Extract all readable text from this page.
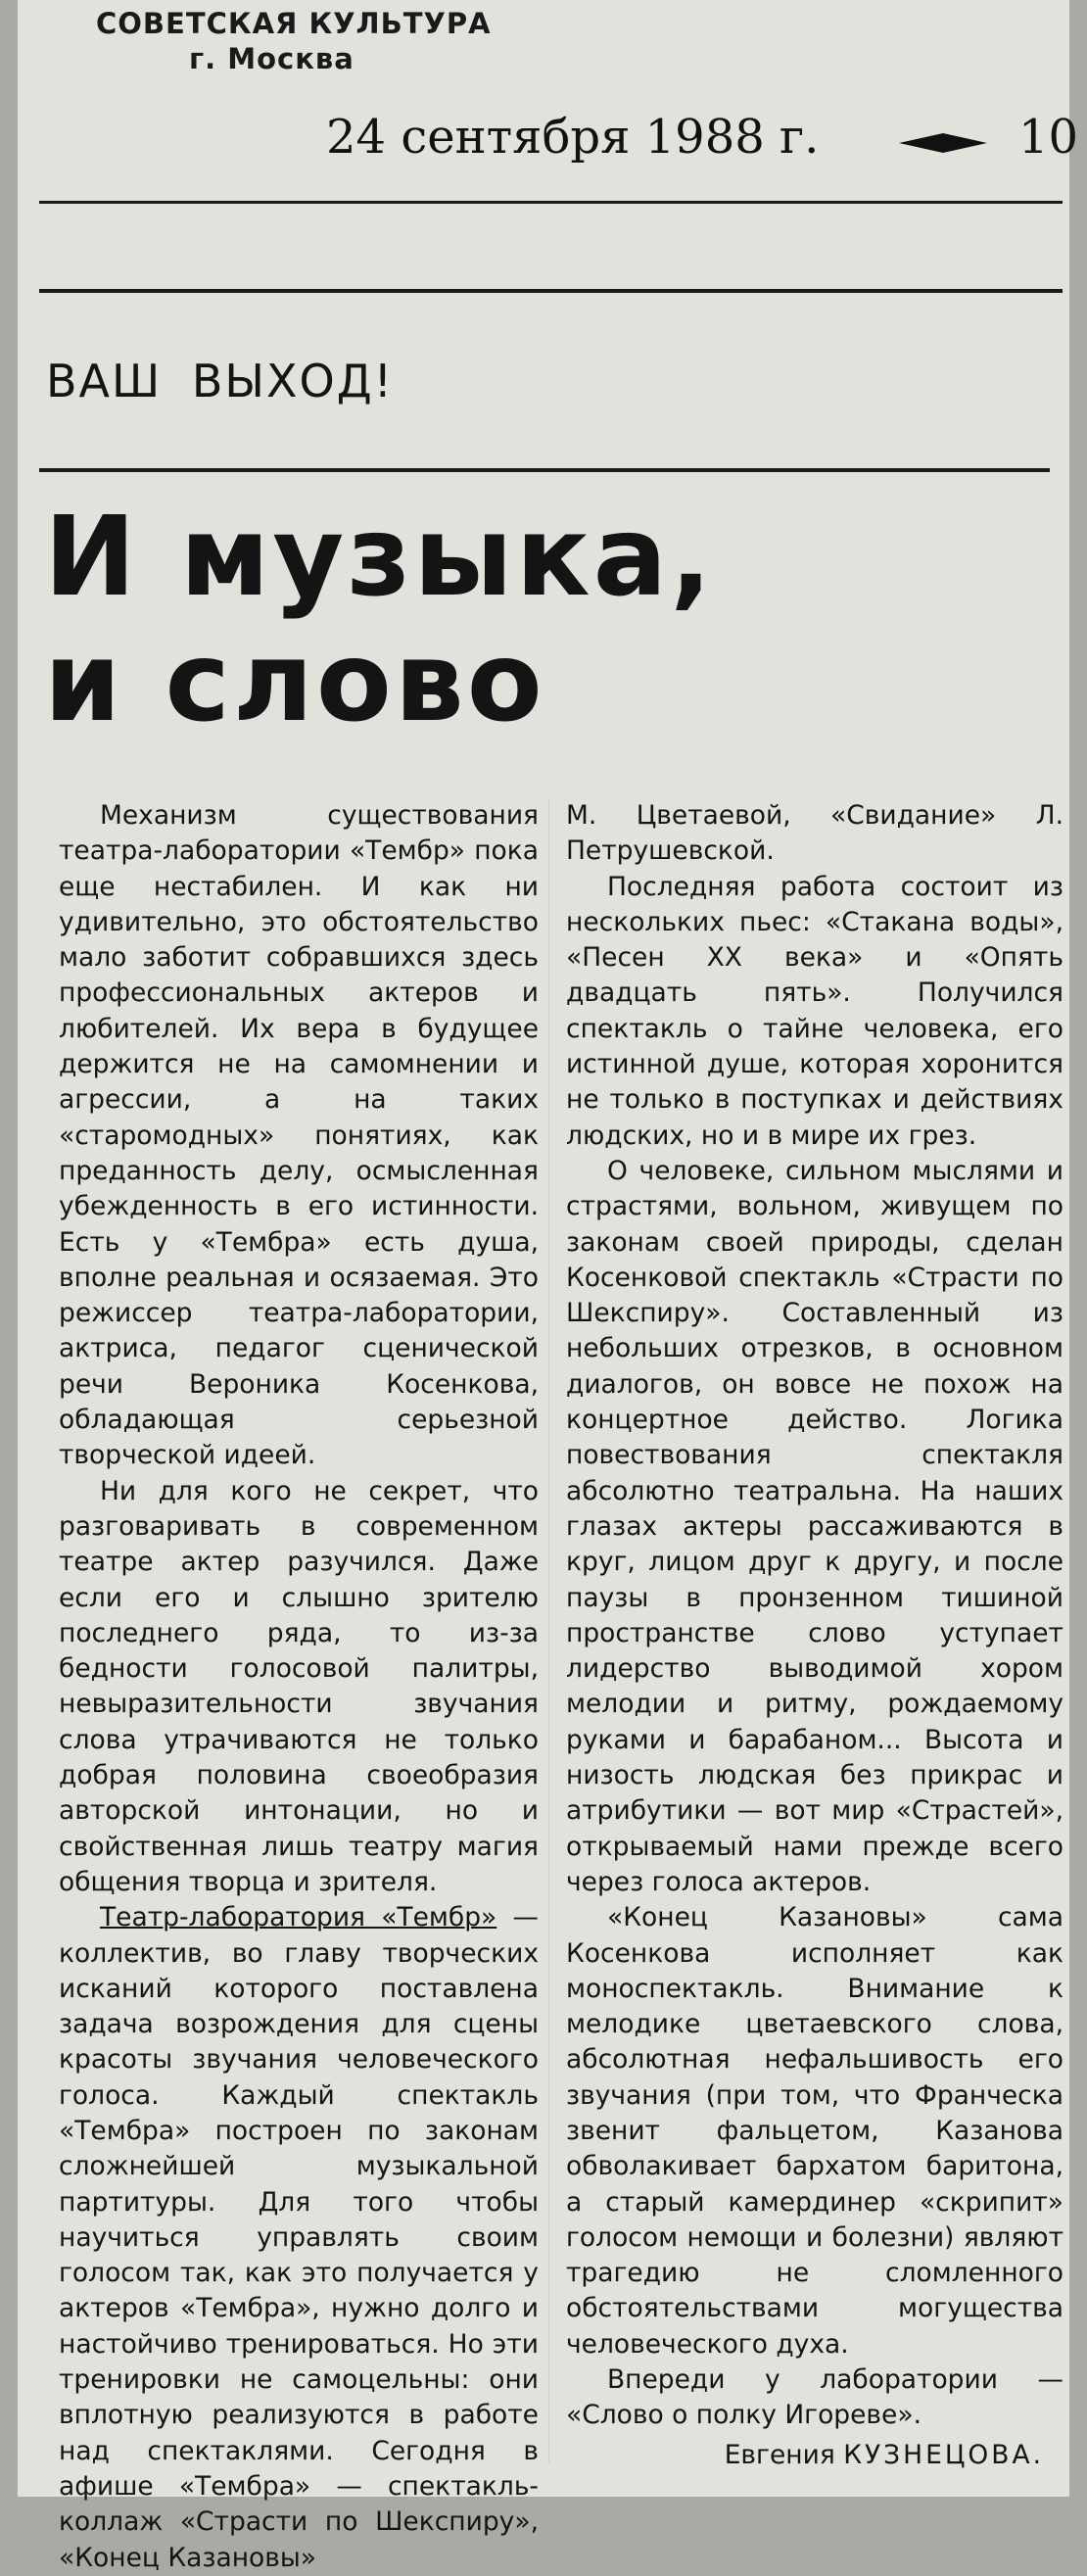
СОВЕТСКАЯ КУЛЬТУРА
г. Москва
24 сентября 1988 г.	10
ВАШ ВЫХОД!
И музыка,
и слово

Механизм существования театра-лаборатории «Тембр» пока еще нестабилен. И как ни удивительно, это обстоятельство мало заботит собравшихся здесь профессиональных актеров и любителей. Их вера в будущее держится не на самомнении и агрессии, а на таких «старомодных» понятиях, как преданность делу, осмысленная убежденность в его истинности. Есть у «Тембра» есть душа, вполне реальная и осязаемая. Это режиссер театра-лаборатории, актриса, педагог сценической речи Вероника Косенкова, обладающая серьезной творческой идеей.

Ни для кого не секрет, что разговаривать в современном театре актер разучился. Даже если его и слышно зрителю последнего ряда, то из-за бедности голосовой палитры, невыразительности звучания слова утрачиваются не только добрая половина своеобразия авторской интонации, но и свойственная лишь театру магия общения творца и зрителя.

Театр-лаборатория «Тембр» — коллектив, во главу творческих исканий которого поставлена задача возрождения для сцены красоты звучания человеческого голоса. Каждый спектакль «Тембра» построен по законам сложнейшей музыкальной партитуры. Для того чтобы научиться управлять своим голосом так, как это получается у актеров «Тембра», нужно долго и настойчиво тренироваться. Но эти тренировки не самоцельны: они вплотную реализуются в работе над спектаклями. Сегодня в афише «Тембра» — спектакль-коллаж «Страсти по Шекспиру», «Конец Казановы»

М. Цветаевой, «Свидание» Л. Петрушевской.

Последняя работа состоит из нескольких пьес: «Стакана воды», «Песен XX века» и «Опять двадцать пять». Получился спектакль о тайне человека, его истинной душе, которая хоронится не только в поступках и действиях людских, но и в мире их грез.

О человеке, сильном мыслями и страстями, вольном, живущем по законам своей природы, сделан Косенковой спектакль «Страсти по Шекспиру». Составленный из небольших отрезков, в основном диалогов, он вовсе не похож на концертное действо. Логика повествования спектакля абсолютно театральна. На наших глазах актеры рассаживаются в круг, лицом друг к другу, и после паузы в пронзенном тишиной пространстве слово уступает лидерство выводимой хором мелодии и ритму, рождаемому руками и барабаном... Высота и низость людская без прикрас и атрибутики — вот мир «Страстей», открываемый нами прежде всего через голоса актеров.

«Конец Казановы» сама Косенкова исполняет как моноспектакль. Внимание к мелодике цветаевского слова, абсолютная нефальшивость его звучания (при том, что Франческа звенит фальцетом, Казанова обволакивает бархатом баритона, а старый камердинер «скрипит» голосом немощи и болезни) являют трагедию не сломленного обстоятельствами могущества человеческого духа.

Впереди у лаборатории — «Слово о полку Игореве».

Евгения КУЗНЕЦОВА.
